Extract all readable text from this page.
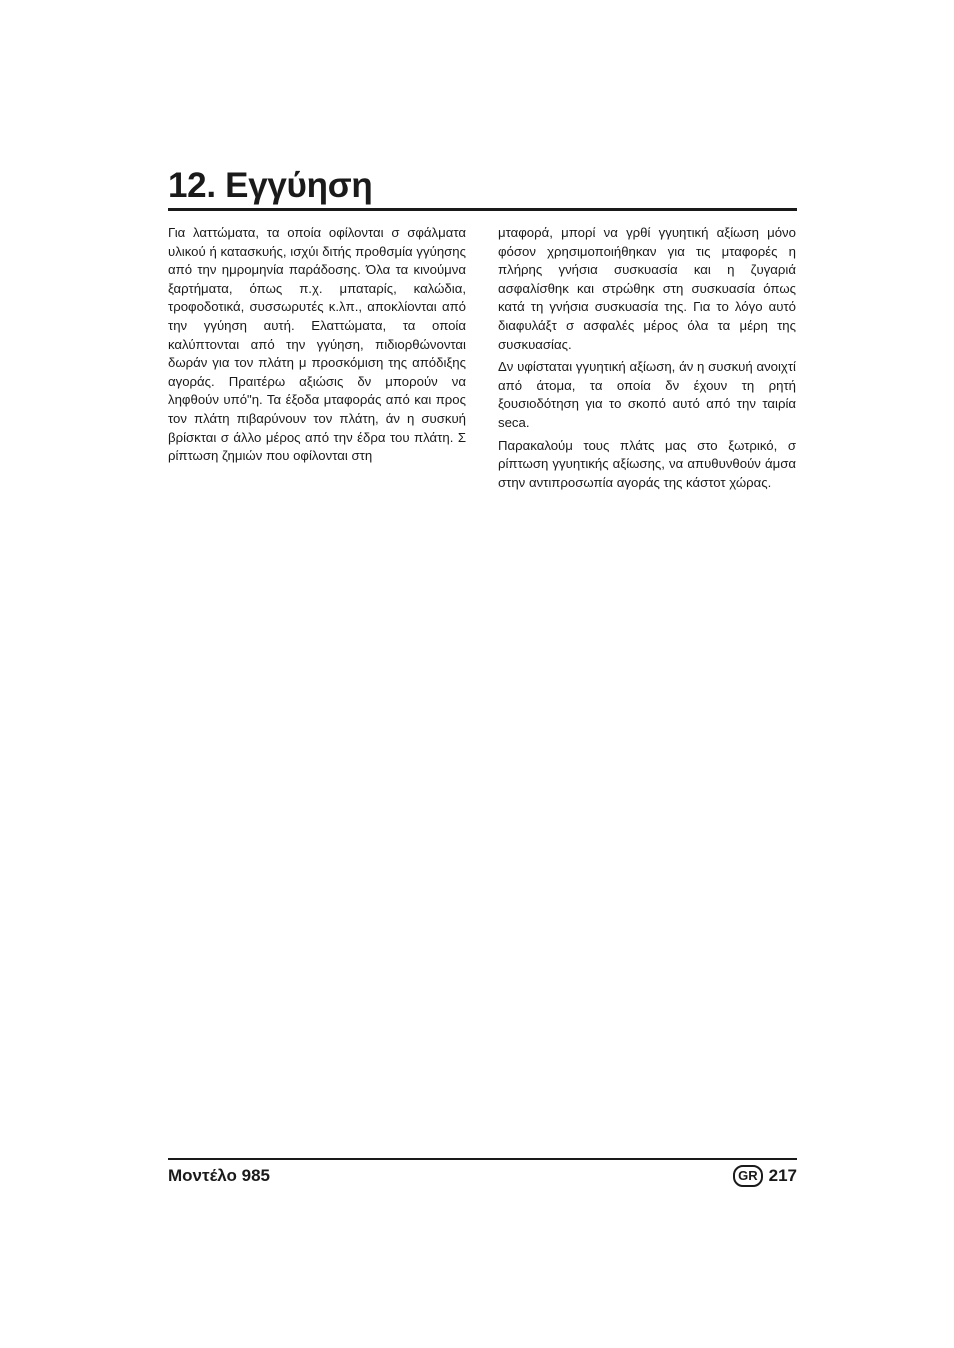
12. Εγγύηση

Για λαττώματα, τα οποία οφίλονται σ σφάλματα υλικού ή κατασκυής, ισχύι διτής προθσμία γγύησης από την ημρομηνία παράδοσης. Όλα τα κινούμνα ξαρτήματα, όπως π.χ. μπαταρίς, καλώδια, τροφοδοτικά, συσσωρυτές κ.λπ., αποκλίονται από την γγύηση αυτή. Ελαττώματα, τα οποία καλύπτονται από την γγύηση, πιδιορθώνονται δωράν για τον πλάτη μ προσκόμιση της απόδιξης αγοράς. Πραιτέρω αξιώσις δν μπορούν να ληφθούν υπό"η. Τα έξοδα μταφοράς από και προς τον πλάτη πιβαρύνουν τον πλάτη, άν η συσκυή βρίσκται σ άλλο μέρος από την έδρα του πλάτη. Σ ρίπτωση ζημιών που οφίλονται στη

μταφορά, μπορί να γρθί γγυητική αξίωση μόνο φόσον χρησιμοποιήθηκαν για τις μταφορές η πλήρης γνήσια συσκυασία και η ζυγαριά ασφαλίσθηκ και στρώθηκ στη συσκυασία όπως κατά τη γνήσια συσκυασία της. Για το λόγο αυτό διαφυλάξτ σ ασφαλές μέρος όλα τα μέρη της συσκυασίας.

Δν υφίσταται γγυητική αξίωση, άν η συσκυή ανοιχτί από άτομα, τα οποία δν έχουν τη ρητή ξουσιοδότηση για το σκοπό αυτό από την ταιρία seca.

Παρακαλούμ τους πλάτς μας στο ξωτρικό, σ ρίπτωση γγυητικής αξίωσης, να απυθυνθούν άμσα στην αντιπροσωπία αγοράς της κάστοτ χώρας.

Μοντέλο 985	GR 217
